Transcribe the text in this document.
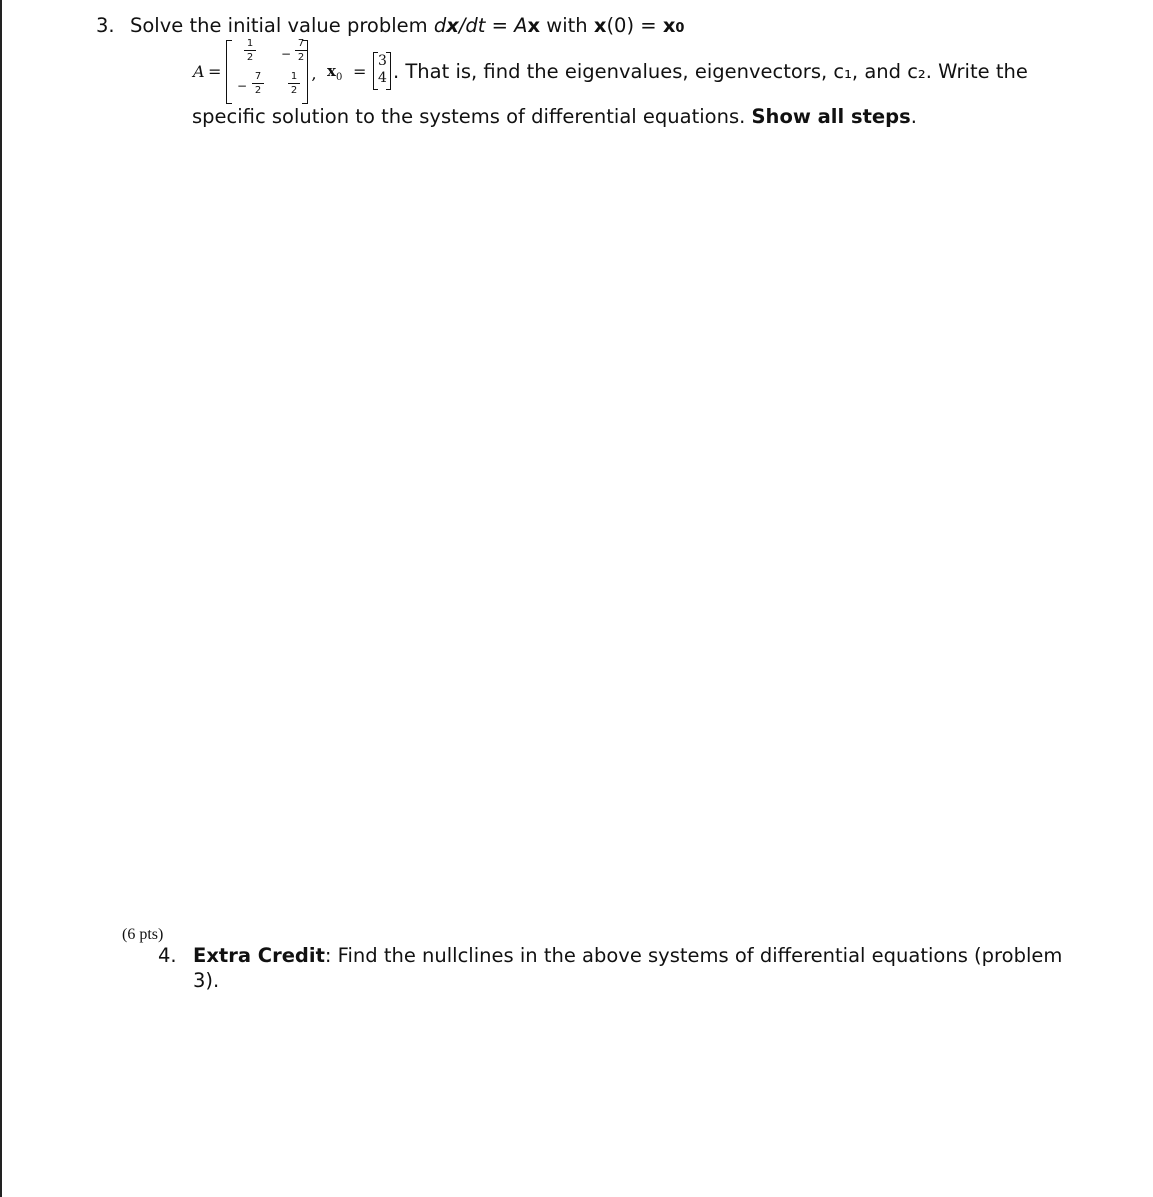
3. Solve the initial value problem dx/dt = Ax with x(0) = x0
A =
1
2	−
7
2
−
7
2
1
2
, $x_0$ =
3
4 . That is, find the eigenvalues, eigenvectors, c₁, and c₂. Write the
specific solution to the systems of differential equations. Show all steps.
(6 pts)
4. Extra Credit: Find the nullclines in the above systems of differential equations (problem
3).
